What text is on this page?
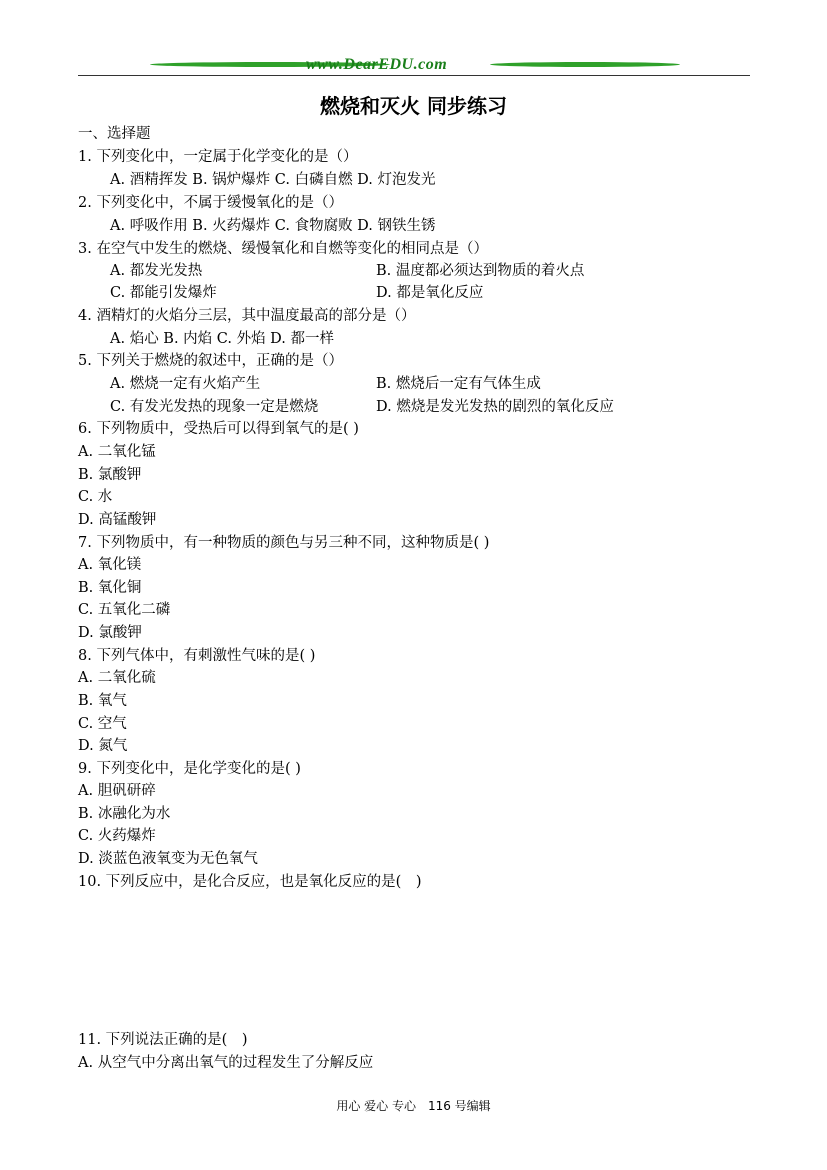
www.DearEDU.com
燃烧和灭火 同步练习
一、选择题
1. 下列变化中，一定属于化学变化的是（）
A. 酒精挥发 B. 锅炉爆炸 C. 白磷自燃 D. 灯泡发光
2. 下列变化中，不属于缓慢氧化的是（）
A. 呼吸作用 B. 火药爆炸 C. 食物腐败 D. 钢铁生锈
3. 在空气中发生的燃烧、缓慢氧化和自燃等变化的相同点是（）
A. 都发光发热	B. 温度都必须达到物质的着火点
C. 都能引发爆炸	D. 都是氧化反应
4. 酒精灯的火焰分三层，其中温度最高的部分是（）
A. 焰心 B. 内焰 C. 外焰 D. 都一样
5. 下列关于燃烧的叙述中，正确的是（）
A. 燃烧一定有火焰产生	B. 燃烧后一定有气体生成
C. 有发光发热的现象一定是燃烧	D. 燃烧是发光发热的剧烈的氧化反应
6. 下列物质中，受热后可以得到氧气的是( )
A. 二氧化锰
B. 氯酸钾
C. 水
D. 高锰酸钾
7. 下列物质中，有一种物质的颜色与另三种不同，这种物质是( )
A. 氧化镁
B. 氧化铜
C. 五氧化二磷
D. 氯酸钾
8. 下列气体中，有刺激性气味的是( )
A. 二氧化硫
B. 氧气
C. 空气
D. 氮气
9. 下列变化中，是化学变化的是( )
A. 胆矾研碎
B. 冰融化为水
C. 火药爆炸
D. 淡蓝色液氧变为无色氧气
10. 下列反应中，是化合反应，也是氧化反应的是(　)
11. 下列说法正确的是(　)
A. 从空气中分离出氧气的过程发生了分解反应
用心 爱心 专心　116 号编辑
